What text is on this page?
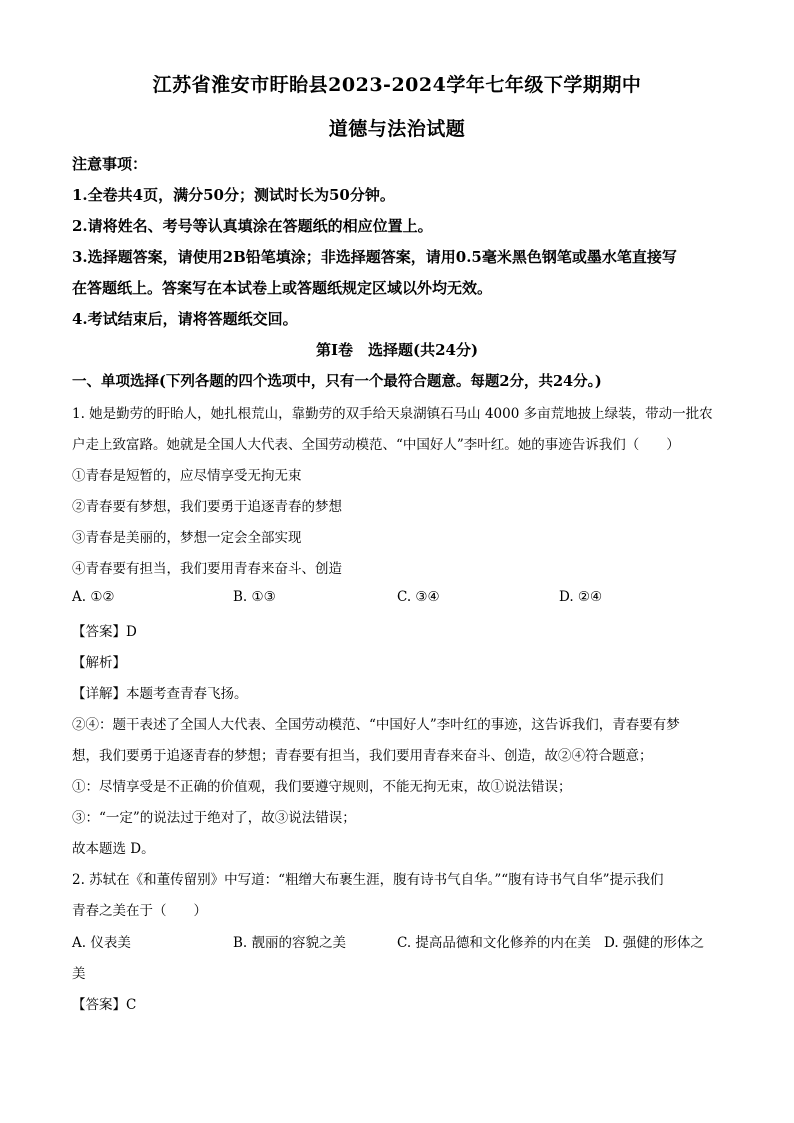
江苏省淮安市盱眙县2023-2024学年七年级下学期期中
道德与法治试题
注意事项：
1.全卷共4页，满分50分；测试时长为50分钟。
2.请将姓名、考号等认真填涂在答题纸的相应位置上。
3.选择题答案，请使用2B铅笔填涂；非选择题答案，请用0.5毫米黑色钢笔或墨水笔直接写
在答题纸上。答案写在本试卷上或答题纸规定区域以外均无效。
4.考试结束后，请将答题纸交回。
第Ⅰ卷　选择题(共24分)
一、单项选择(下列各题的四个选项中，只有一个最符合题意。每题2分，共24分。)
1. 她是勤劳的盱眙人，她扎根荒山，靠勤劳的双手给天泉湖镇石马山 4000 多亩荒地披上绿装，带动一批农
户走上致富路。她就是全国人大代表、全国劳动模范、“中国好人”李叶红。她的事迹告诉我们（　　）
①青春是短暂的，应尽情享受无拘无束
②青春要有梦想，我们要勇于追逐青春的梦想
③青春是美丽的，梦想一定会全部实现
④青春要有担当，我们要用青春来奋斗、创造
A. ①②	B. ①③	C. ③④	D. ②④
【答案】D
【解析】
【详解】本题考查青春飞扬。
②④：题干表述了全国人大代表、全国劳动模范、“中国好人”李叶红的事迹，这告诉我们，青春要有梦
想，我们要勇于追逐青春的梦想；青春要有担当，我们要用青春来奋斗、创造，故②④符合题意；
①：尽情享受是不正确的价值观，我们要遵守规则，不能无拘无束，故①说法错误；
③：“一定”的说法过于绝对了，故③说法错误；
故本题选 D。
2. 苏轼在《和董传留别》中写道：“粗缯大布裹生涯，腹有诗书气自华。”“腹有诗书气自华”提示我们
青春之美在于（　　）
A. 仪表美	B. 靓丽的容貌之美	C. 提高品德和文化修养的内在美 D. 强健的形体之
美
【答案】C
